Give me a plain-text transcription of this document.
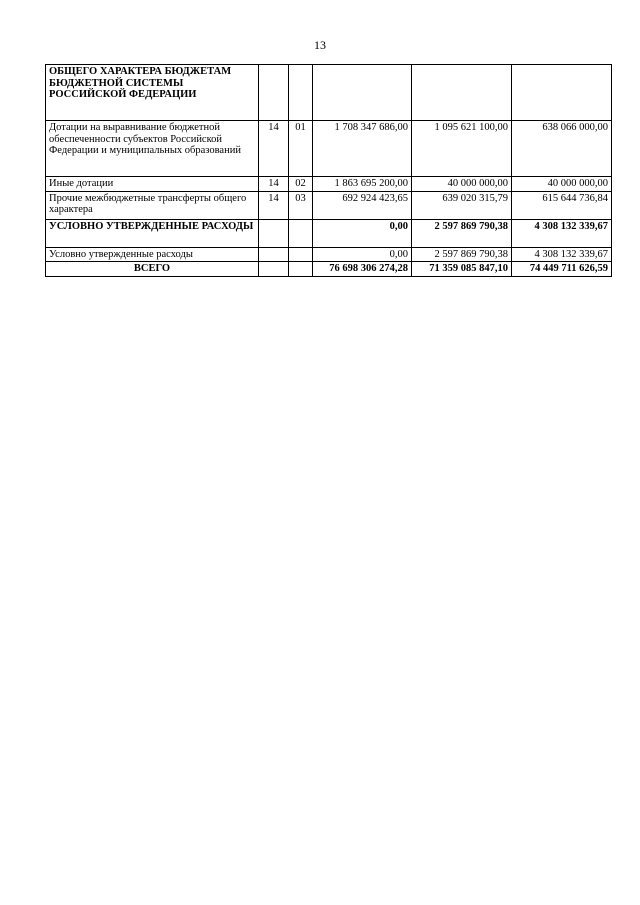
13
ОБЩЕГО ХАРАКТЕРА БЮДЖЕТАМ БЮДЖЕТНОЙ СИСТЕМЫ РОССИЙСКОЙ ФЕДЕРАЦИИ					
Дотации на выравнивание бюджетной обеспеченности субъектов Российской Федерации и муниципальных образований	14	01	1 708 347 686,00	1 095 621 100,00	638 066 000,00
Иные дотации	14	02	1 863 695 200,00	40 000 000,00	40 000 000,00
Прочие межбюджетные трансферты общего характера	14	03	692 924 423,65	639 020 315,79	615 644 736,84
УСЛОВНО УТВЕРЖДЕННЫЕ РАСХОДЫ			0,00	2 597 869 790,38	4 308 132 339,67
Условно утвержденные расходы			0,00	2 597 869 790,38	4 308 132 339,67
ВСЕГО			76 698 306 274,28	71 359 085 847,10	74 449 711 626,59
